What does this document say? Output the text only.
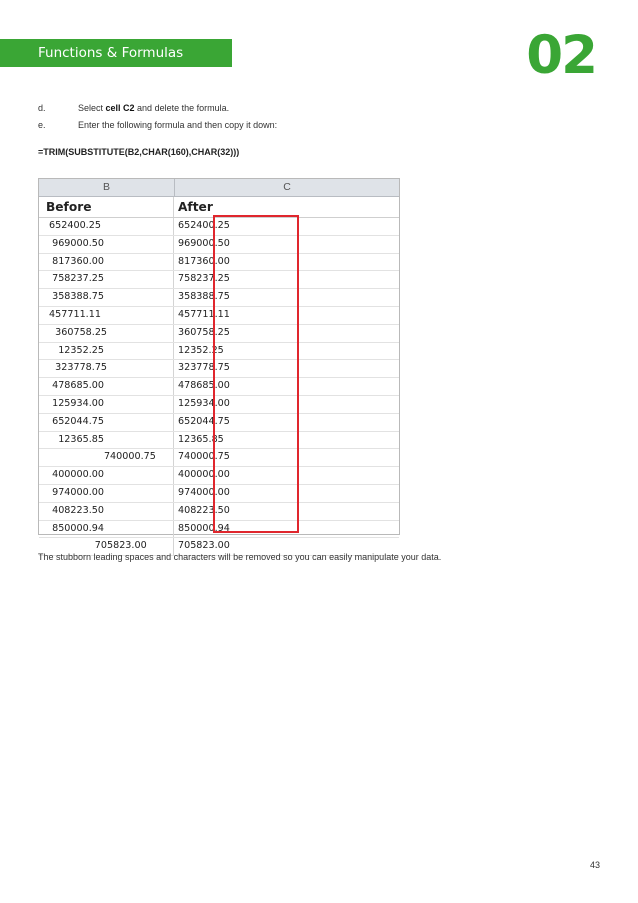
Functions & Formulas	02
d.	Select cell C2 and delete the formula.
e.	Enter the following formula and then copy it down:
=TRIM(SUBSTITUTE(B2,CHAR(160),CHAR(32)))
B	C
Before	After
652400.25	652400.25
969000.50	969000.50
817360.00	817360.00
758237.25	758237.25
358388.75	358388.75
457711.11	457711.11
360758.25	360758.25
12352.25	12352.25
323778.75	323778.75
478685.00	478685.00
125934.00	125934.00
652044.75	652044.75
12365.85	12365.85
740000.75	740000.75
400000.00	400000.00
974000.00	974000.00
408223.50	408223.50
850000.94	850000.94
705823.00	705823.00
The stubborn leading spaces and characters will be removed so you can easily manipulate your data.
43
